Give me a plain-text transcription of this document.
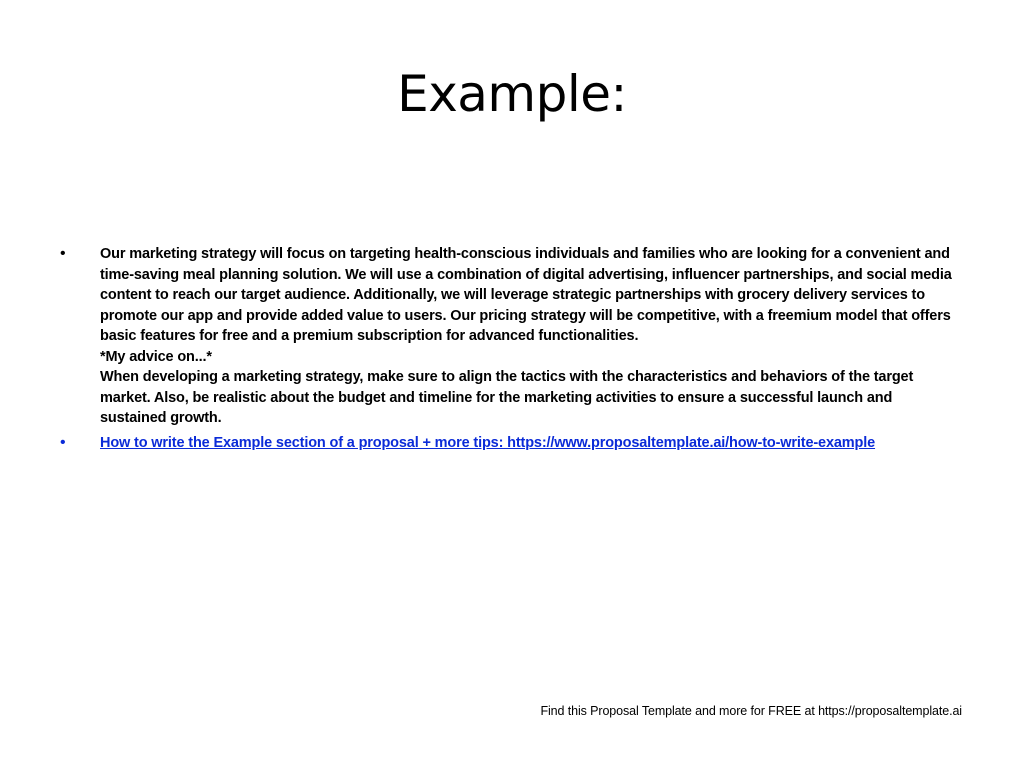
Example:
• Our marketing strategy will focus on targeting health-conscious individuals and families who are looking for a convenient and time-saving meal planning solution. We will use a combination of digital advertising, influencer partnerships, and social media content to reach our target audience. Additionally, we will leverage strategic partnerships with grocery delivery services to promote our app and provide added value to users. Our pricing strategy will be competitive, with a freemium model that offers basic features for free and a premium subscription for advanced functionalities.
*My advice on...*
When developing a marketing strategy, make sure to align the tactics with the characteristics and behaviors of the target market. Also, be realistic about the budget and timeline for the marketing activities to ensure a successful launch and sustained growth.
• How to write the Example section of a proposal + more tips: https://www.proposaltemplate.ai/how-to-write-example
Find this Proposal Template and more for FREE at https://proposaltemplate.ai
